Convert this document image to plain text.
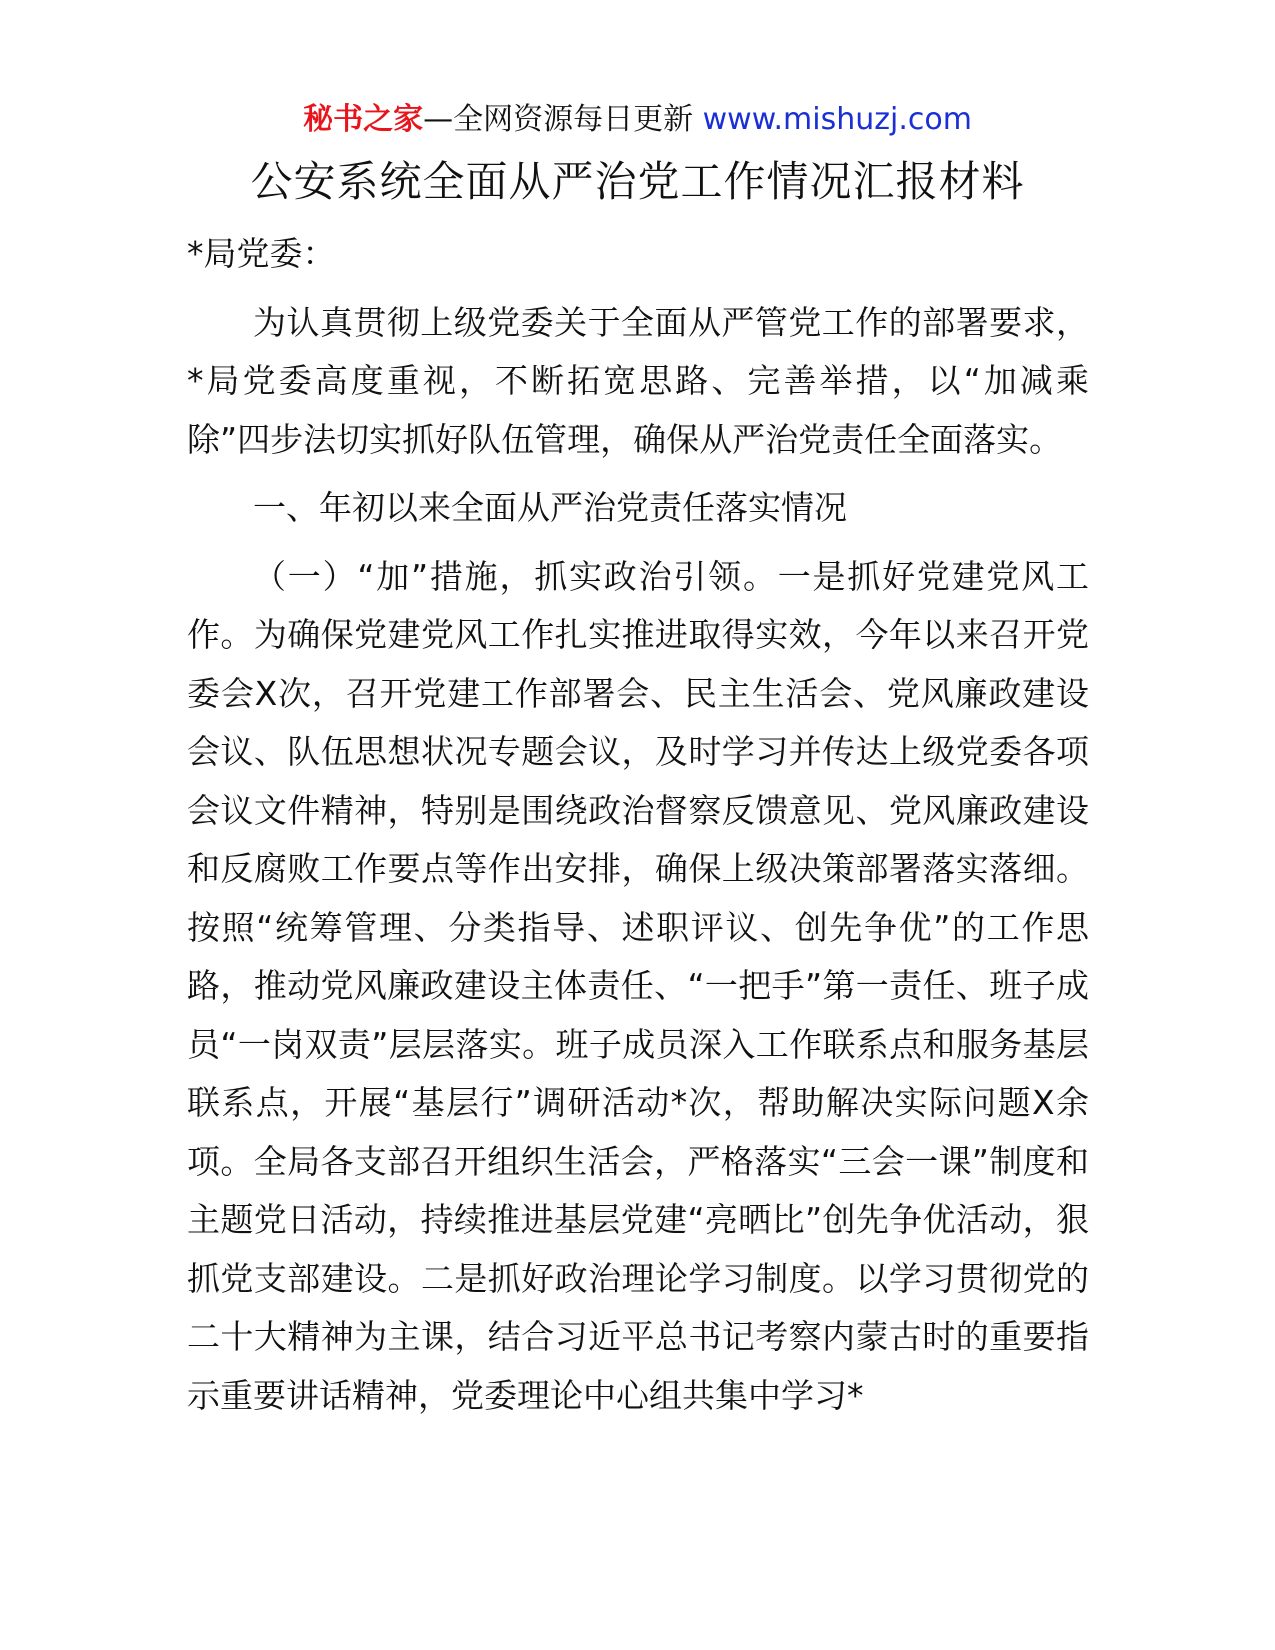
秘书之家—全网资源每日更新 www.mishuzj.com
公安系统全面从严治党工作情况汇报材料

*局党委：

为认真贯彻上级党委关于全面从严管党工作的部署要求，*局党委高度重视，不断拓宽思路、完善举措，以“加减乘除”四步法切实抓好队伍管理，确保从严治党责任全面落实。

一、年初以来全面从严治党责任落实情况

（一）“加”措施，抓实政治引领。一是抓好党建党风工作。为确保党建党风工作扎实推进取得实效，今年以来召开党委会X次，召开党建工作部署会、民主生活会、党风廉政建设会议、队伍思想状况专题会议，及时学习并传达上级党委各项会议文件精神，特别是围绕政治督察反馈意见、党风廉政建设和反腐败工作要点等作出安排，确保上级决策部署落实落细。按照“统筹管理、分类指导、述职评议、创先争优”的工作思路，推动党风廉政建设主体责任、“一把手”第一责任、班子成员“一岗双责”层层落实。班子成员深入工作联系点和服务基层联系点，开展“基层行”调研活动*次，帮助解决实际问题X余项。全局各支部召开组织生活会，严格落实“三会一课”制度和主题党日活动，持续推进基层党建“亮晒比”创先争优活动，狠抓党支部建设。二是抓好政治理论学习制度。以学习贯彻党的二十大精神为主课，结合习近平总书记考察内蒙古时的重要指示重要讲话精神，党委理论中心组共集中学习*
